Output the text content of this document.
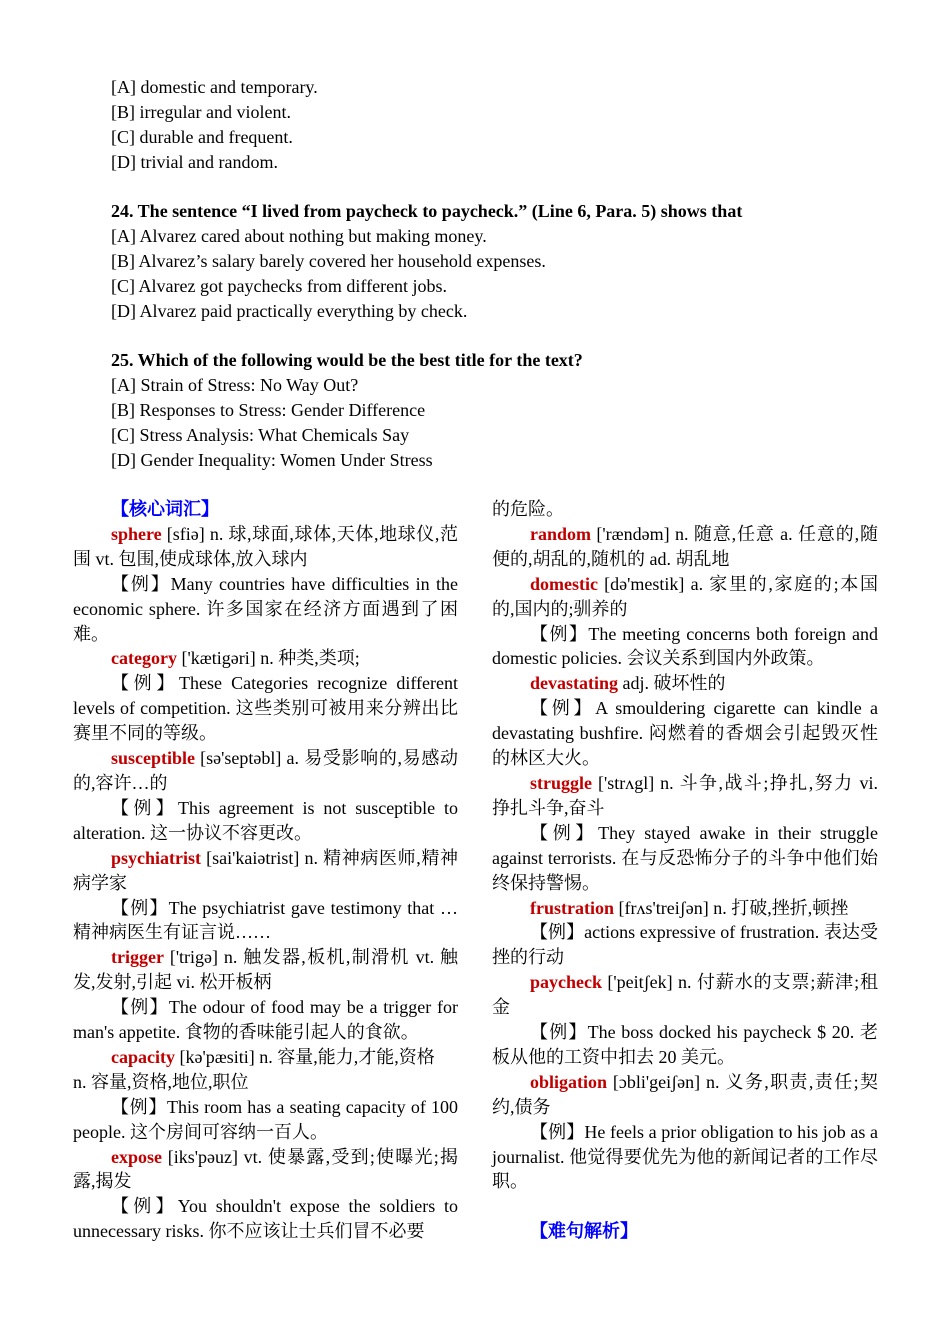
[A] domestic and temporary.
[B] irregular and violent.
[C] durable and frequent.
[D] trivial and random.
24. The sentence “I lived from paycheck to paycheck.” (Line 6, Para. 5) shows that
[A] Alvarez cared about nothing but making money.
[B] Alvarez’s salary barely covered her household expenses.
[C] Alvarez got paychecks from different jobs.
[D] Alvarez paid practically everything by check.
25. Which of the following would be the best title for the text?
[A] Strain of Stress: No Way Out?
[B] Responses to Stress: Gender Difference
[C] Stress Analysis: What Chemicals Say
[D] Gender Inequality: Women Under Stress

【核心词汇】

sphere [sfiə] n. 球,球面,球体,天体,地球仪,范围 vt. 包围,使成球体,放入球内

【例】Many countries have difficulties in the economic sphere. 许多国家在经济方面遇到了困难。

category ['kætigəri] n. 种类,类项;

【例】These Categories recognize different levels of competition. 这些类别可被用来分辨出比赛里不同的等级。

susceptible [sə'septəbl] a. 易受影响的,易感动的,容许…的

【例】This agreement is not susceptible to alteration. 这一协议不容更改。

psychiatrist [sai'kaiətrist] n. 精神病医师,精神病学家

【例】The psychiatrist gave testimony that … 精神病医生有证言说……

trigger ['trigə] n. 触发器,板机,制滑机 vt. 触发,发射,引起 vi. 松开板柄

【例】The odour of food may be a trigger for man's appetite. 食物的香味能引起人的食欲。

capacity [kə'pæsiti] n. 容量,能力,才能,资格

n. 容量,资格,地位,职位

【例】This room has a seating capacity of 100 people. 这个房间可容纳一百人。

expose [iks'pəuz] vt. 使暴露,受到;使曝光;揭露,揭发

【例】You shouldn't expose the soldiers to unnecessary risks. 你不应该让士兵们冒不必要

的危险。

random ['rændəm] n. 随意,任意 a. 任意的,随便的,胡乱的,随机的 ad. 胡乱地

domestic [də'mestik] a. 家里的,家庭的;本国的,国内的;驯养的

【例】The meeting concerns both foreign and domestic policies. 会议关系到国内外政策。

devastating adj. 破坏性的

【例】A smouldering cigarette can kindle a devastating bushfire. 闷燃着的香烟会引起毁灭性的林区大火。

struggle ['strʌgl] n. 斗争,战斗;挣扎,努力 vi. 挣扎斗争,奋斗

【例】They stayed awake in their struggle against terrorists. 在与反恐怖分子的斗争中他们始终保持警惕。

frustration [frʌs'treiʃən] n. 打破,挫折,顿挫

【例】actions expressive of frustration. 表达受挫的行动

paycheck ['peitʃek] n. 付薪水的支票;薪津;租金

【例】The boss docked his paycheck $ 20. 老板从他的工资中扣去 20 美元。

obligation [ɔbli'geiʃən] n. 义务,职责,责任;契约,债务

【例】He feels a prior obligation to his job as a journalist. 他觉得要优先为他的新闻记者的工作尽职。

【难句解析】
